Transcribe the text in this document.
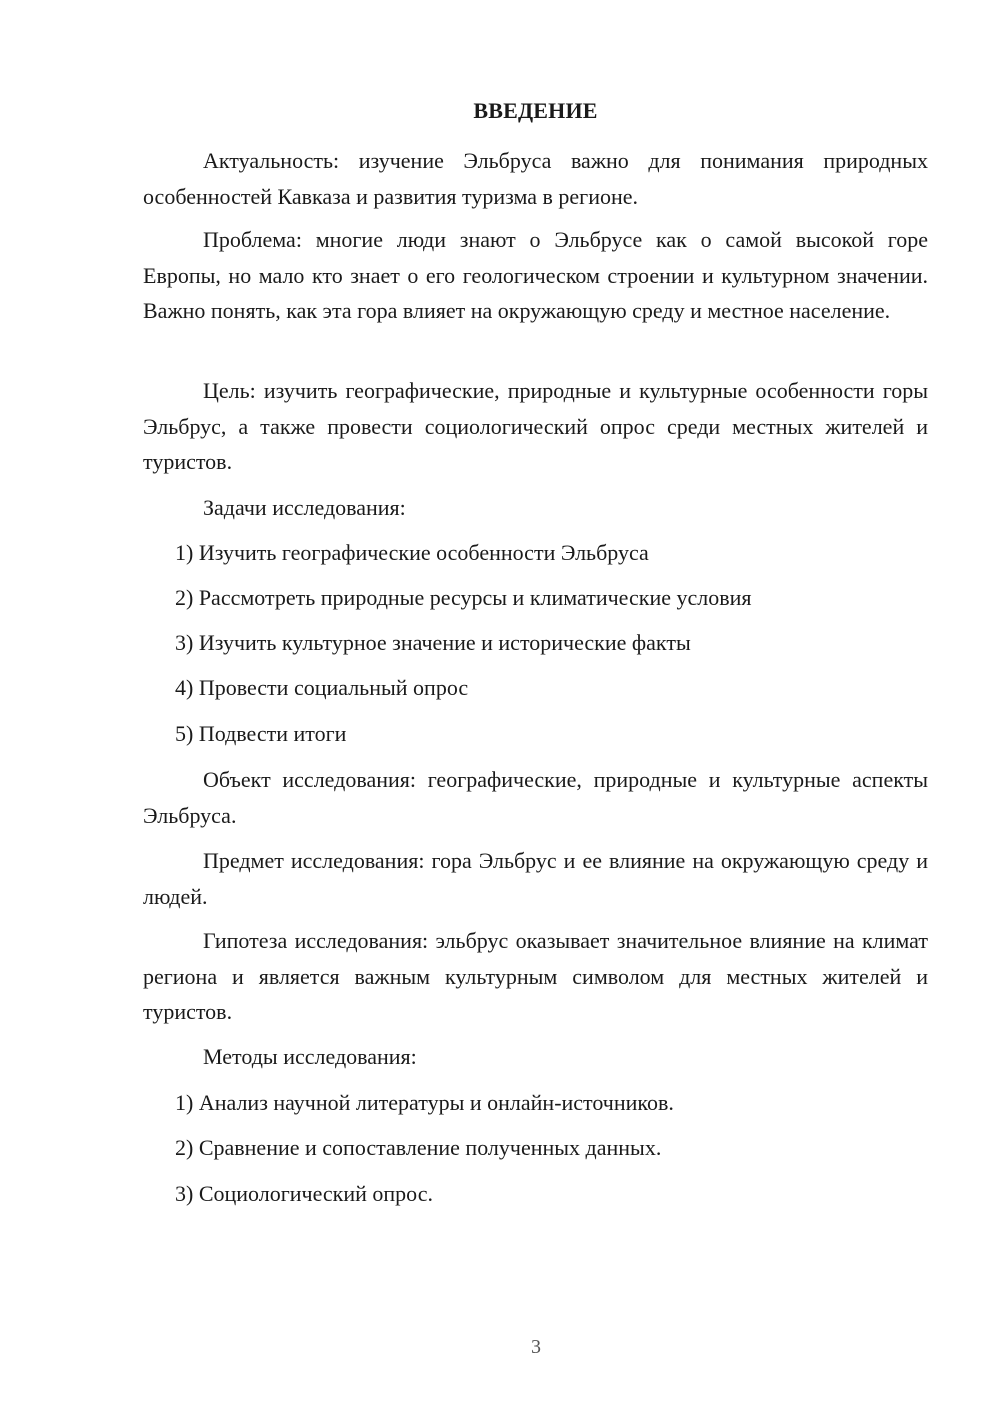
ВВЕДЕНИЕ

Актуальность: изучение Эльбруса важно для понимания природных особенностей Кавказа и развития туризма в регионе.

Проблема: многие люди знают о Эльбрусе как о самой высокой горе Европы, но мало кто знает о его геологическом строении и культурном значении. Важно понять, как эта гора влияет на окружающую среду и местное население.

Цель: изучить географические, природные и культурные особенности горы Эльбрус, а также провести социологический опрос среди местных жителей и туристов.

Задачи исследования:

1) Изучить географические особенности Эльбруса

2) Рассмотреть природные ресурсы и климатические условия

3) Изучить культурное значение и исторические факты

4) Провести социальный опрос

5) Подвести итоги

Объект исследования: географические, природные и культурные аспекты Эльбруса.

Предмет исследования: гора Эльбрус и ее влияние на окружающую среду и людей.

Гипотеза исследования: эльбрус оказывает значительное влияние на климат региона и является важным культурным символом для местных жителей и туристов.

Методы исследования:

1) Анализ научной литературы и онлайн-источников.

2) Сравнение и сопоставление полученных данных.

3) Социологический опрос.

3
